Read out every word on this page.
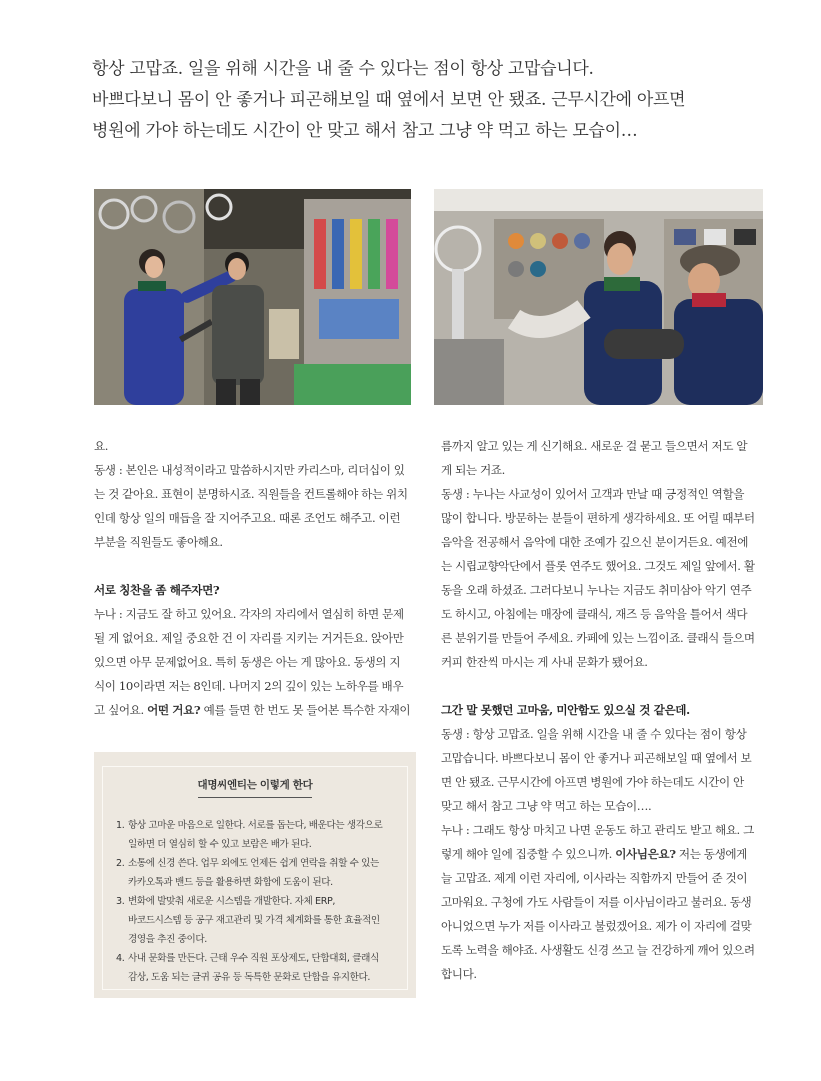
항상 고맙죠. 일을 위해 시간을 내 줄 수 있다는 점이 항상 고맙습니다.

바쁘다보니 몸이 안 좋거나 피곤해보일 때 옆에서 보면 안 됐죠. 근무시간에 아프면

병원에 가야 하는데도 시간이 안 맞고 해서 참고 그냥 약 먹고 하는 모습이…

요.

동생 : 본인은 내성적이라고 말씀하시지만 카리스마, 리더십이 있

는 것 같아요. 표현이 분명하시죠. 직원들을 컨트롤해야 하는 위치

인데 항상 일의 매듭을 잘 지어주고요. 때론 조언도 해주고. 이런

부분을 직원들도 좋아해요.

서로 칭찬을 좀 해주자면?

누나 : 지금도 잘 하고 있어요. 각자의 자리에서 열심히 하면 문제

될 게 없어요. 제일 중요한 건 이 자리를 지키는 거거든요. 앉아만

있으면 아무 문제없어요. 특히 동생은 아는 게 많아요. 동생의 지

식이 10이라면 저는 8인데. 나머지 2의 깊이 있는 노하우를 배우

고 싶어요. 어떤 거요? 예를 들면 한 번도 못 들어본 특수한 자재이

대명씨엔티는 이렇게 한다
1. 항상 고마운 마음으로 일한다. 서로를 돕는다, 배운다는 생각으로
일하면 더 열심히 할 수 있고 보람은 배가 된다.
2. 소통에 신경 쓴다. 업무 외에도 언제든 쉽게 연락을 취할 수 있는
카카오톡과 밴드 등을 활용하면 화합에 도움이 된다.
3. 변화에 발맞춰 새로운 시스템을 개발한다. 자체 ERP,
바코드시스템 등 공구 재고관리 및 가격 체계화를 통한 효율적인
경영을 추진 중이다.
4. 사내 문화를 만든다. 근태 우수 직원 포상제도, 단합대회, 클래식
감상, 도움 되는 글귀 공유 등 독특한 문화로 단합을 유지한다.

름까지 알고 있는 게 신기해요. 새로운 걸 묻고 들으면서 저도 알

게 되는 거죠.

동생 : 누나는 사교성이 있어서 고객과 만날 때 긍정적인 역할을

많이 합니다. 방문하는 분들이 편하게 생각하세요. 또 어릴 때부터

음악을 전공해서 음악에 대한 조예가 깊으신 분이거든요. 예전에

는 시립교향악단에서 플롯 연주도 했어요. 그것도 제일 앞에서. 활

동을 오래 하셨죠. 그러다보니 누나는 지금도 취미삼아 악기 연주

도 하시고, 아침에는 매장에 클래식, 재즈 등 음악을 틀어서 색다

른 분위기를 만들어 주세요. 카페에 있는 느낌이죠. 클래식 들으며

커피 한잔씩 마시는 게 사내 문화가 됐어요.

그간 말 못했던 고마움, 미안함도 있으실 것 같은데.

동생 : 항상 고맙죠. 일을 위해 시간을 내 줄 수 있다는 점이 항상

고맙습니다. 바쁘다보니 몸이 안 좋거나 피곤해보일 때 옆에서 보

면 안 됐죠. 근무시간에 아프면 병원에 가야 하는데도 시간이 안

맞고 해서 참고 그냥 약 먹고 하는 모습이….

누나 : 그래도 항상 마치고 나면 운동도 하고 관리도 받고 해요. 그

렇게 해야 일에 집중할 수 있으니까. 이사님은요? 저는 동생에게

늘 고맙죠. 제게 이런 자리에, 이사라는 직함까지 만들어 준 것이

고마워요. 구청에 가도 사람들이 저를 이사님이라고 불러요. 동생

아니었으면 누가 저를 이사라고 불렀겠어요. 제가 이 자리에 걸맞

도록 노력을 해야죠. 사생활도 신경 쓰고 늘 건강하게 깨어 있으려

합니다.
